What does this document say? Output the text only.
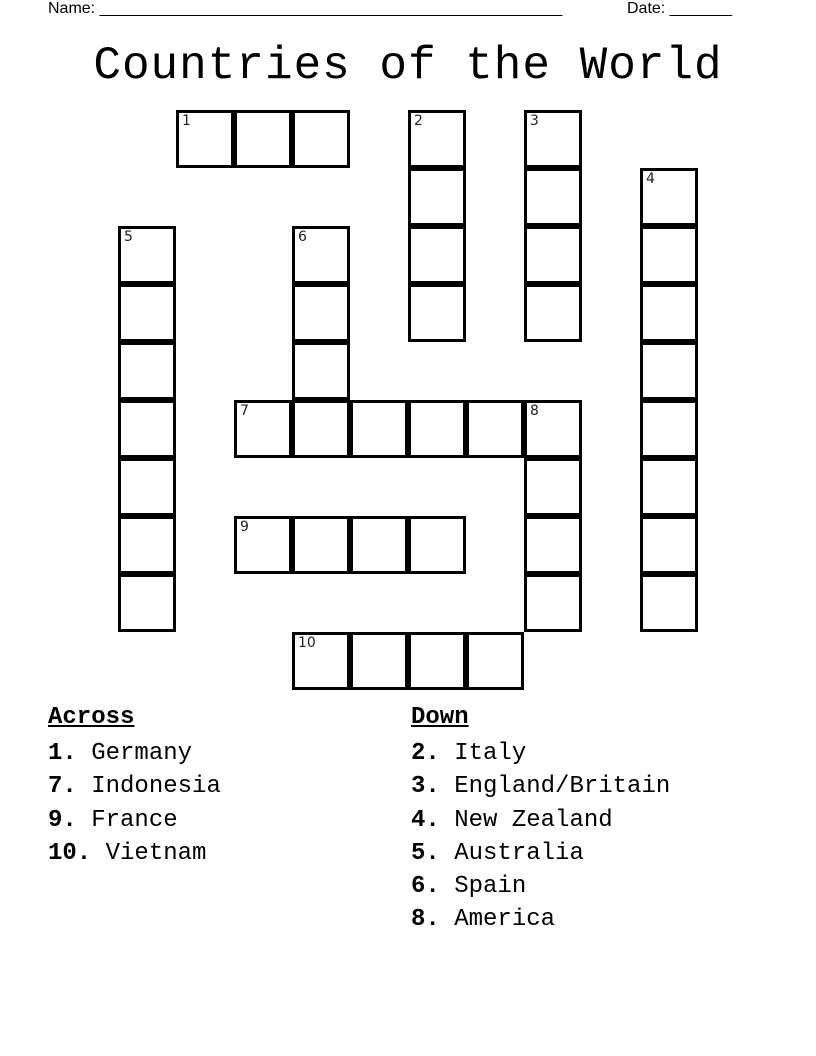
Name: ____________________________________________________	Date: _______
Countries of the World
1	2	3
4
5	6
7	8
9
10
Across
1. Germany
7. Indonesia
9. France
10. Vietnam
Down
2. Italy
3. England/Britain
4. New Zealand
5. Australia
6. Spain
8. America
